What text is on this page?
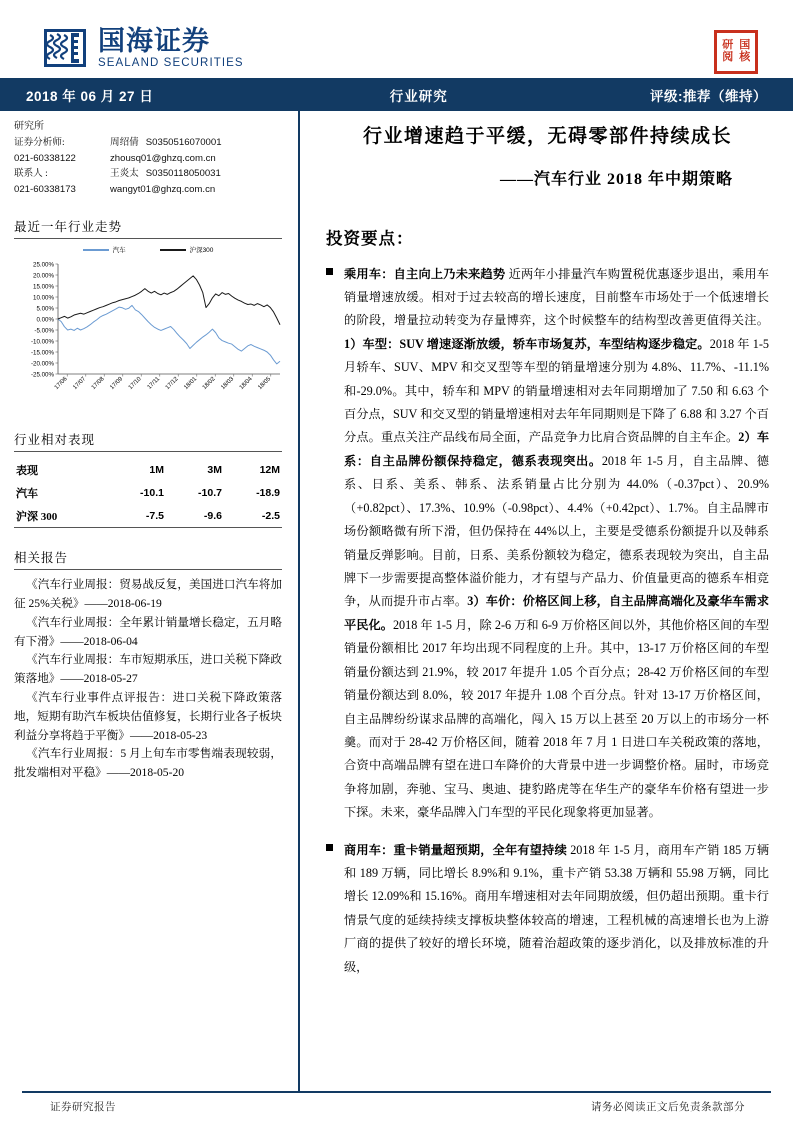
国海证券
SEALAND SECURITIES
研 国
阅 核
2018 年 06 月 27 日	行业研究	评级:推荐（维持）
研究所
证券分析师:	周绍倩 S0350516070001
021-60338122	zhousq01@ghzq.com.cn
联系人 :	王炎太 S0350118050031
021-60338173	wangyt01@ghzq.com.cn
最近一年行业走势
汽车	沪深300
25.00%
20.00%
15.00%
10.00%
5.00%
0.00%
-5.00%
-10.00%
-15.00%
-20.00%
-25.00%
17/06 17/07 17/08 17/09 17/10 17/11 17/12 18/01 18/02 18/03 18/04 18/05
行业相对表现
表现	1M	3M	12M
汽车	-10.1	-10.7	-18.9
沪深 300	-7.5	-9.6	-2.5
相关报告

《汽车行业周报：贸易战反复，美国进口汽车将加征 25%关税》——2018-06-19

《汽车行业周报：全年累计销量增长稳定，五月略有下滑》——2018-06-04

《汽车行业周报：车市短期承压，进口关税下降政策落地》——2018-05-27

《汽车行业事件点评报告：进口关税下降政策落地，短期有助汽车板块估值修复，长期行业各子板块利益分享将趋于平衡》——2018-05-23

《汽车行业周报：5 月上旬车市零售端表现较弱，批发端相对平稳》——2018-05-20

行业增速趋于平缓，无碍零部件持续成长
——汽车行业 2018 年中期策略
投资要点：
乘用车：自主向上乃未来趋势 近两年小排量汽车购置税优惠逐步退出，乘用车销量增速放缓。相对于过去较高的增长速度，目前整车市场处于一个低速增长的阶段，增量拉动转变为存量博弈，这个时候整车的结构型改善更值得关注。1）车型：SUV 增速逐渐放缓，轿车市场复苏，车型结构逐步稳定。2018 年 1-5 月轿车、SUV、MPV 和交叉型等车型的销量增速分别为 4.8%、11.7%、-11.1%和-29.0%。其中，轿车和 MPV 的销量增速相对去年同期增加了 7.50 和 6.63 个百分点，SUV 和交叉型的销量增速相对去年年同期则是下降了 6.88 和 3.27 个百分点。重点关注产品线布局全面，产品竞争力比肩合资品牌的自主车企。2）车系：自主品牌份额保持稳定，德系表现突出。2018 年 1-5 月，自主品牌、德系、日系、美系、韩系、法系销量占比分别为 44.0%（-0.37pct）、20.9%（+0.82pct）、17.3%、10.9%（-0.98pct）、4.4%（+0.42pct）、1.7%。自主品牌市场份额略微有所下滑，但仍保持在 44%以上，主要是受德系份额提升以及韩系销量反弹影响。目前，日系、美系份额较为稳定，德系表现较为突出，自主品牌下一步需要提高整体溢价能力，才有望与产品力、价值量更高的德系车相竞争，从而提升市占率。3）车价：价格区间上移，自主品牌高端化及豪华车需求平民化。2018 年 1-5 月，除 2-6 万和 6-9 万价格区间以外，其他价格区间的车型销量份额相比 2017 年均出现不同程度的上升。其中，13-17 万价格区间的车型销量份额达到 21.9%，较 2017 年提升 1.05 个百分点；28-42 万价格区间的车型销量份额达到 8.0%，较 2017 年提升 1.08 个百分点。针对 13-17 万价格区间，自主品牌纷纷谋求品牌的高端化，闯入 15 万以上甚至 20 万以上的市场分一杯羹。而对于 28-42 万价格区间，随着 2018 年 7 月 1 日进口车关税政策的落地，合资中高端品牌有望在进口车降价的大背景中进一步调整价格。届时，市场竞争将加剧，奔驰、宝马、奥迪、捷豹路虎等在华生产的豪华车价格有望进一步下探。未来，豪华品牌入门车型的平民化现象将更加显著。
商用车：重卡销量超预期，全年有望持续 2018 年 1-5 月，商用车产销 185 万辆和 189 万辆，同比增长 8.9%和 9.1%，重卡产销 53.38 万辆和 55.98 万辆，同比增长 12.09%和 15.16%。商用车增速相对去年同期放缓，但仍超出预期。重卡行情景气度的延续持续支撑板块整体较高的增速，工程机械的高速增长也为上游厂商的提供了较好的增长环境，随着治超政策的逐步消化，以及排放标准的升级，
证券研究报告	请务必阅读正文后免责条款部分
